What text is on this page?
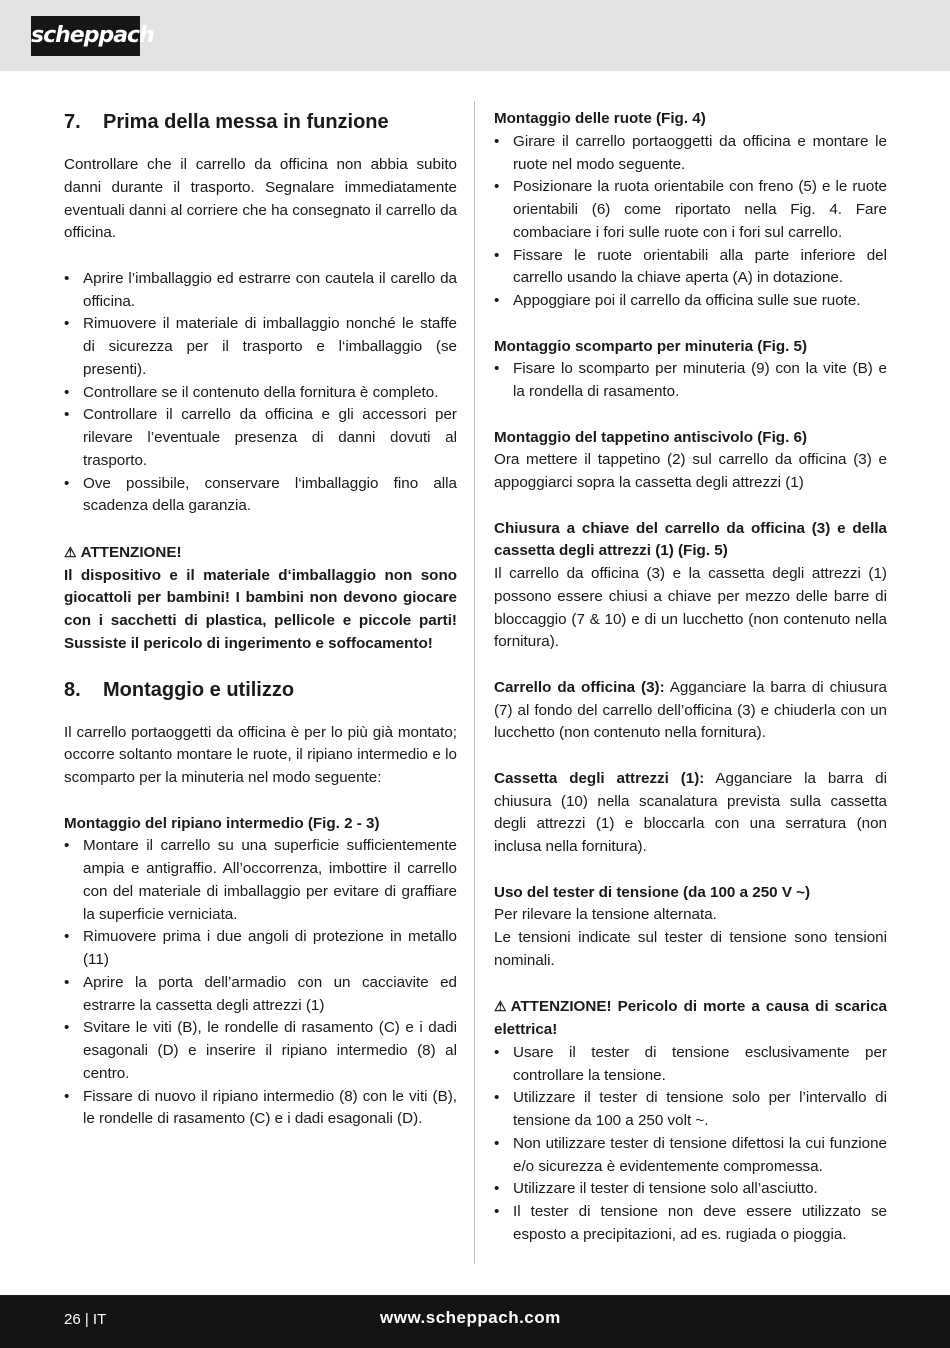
scheppach
7.	Prima della messa in funzione

Controllare che il carrello da officina non abbia subito danni durante il trasporto. Segnalare immediatamente eventuali danni al corriere che ha consegnato il carrello da officina.

• Aprire l’imballaggio ed estrarre con cautela il carello da officina.
• Rimuovere il materiale di imballaggio nonché le staffe di sicurezza per il trasporto e l‘imballaggio (se presenti).
• Controllare se il contenuto della fornitura è completo.
• Controllare il carrello da officina e gli accessori per rilevare l’eventuale presenza di danni dovuti al trasporto.
• Ove possibile, conservare l‘imballaggio fino alla scadenza della garanzia.

⚠ ATTENZIONE!

Il dispositivo e il materiale d‘imballaggio non sono giocattoli per bambini! I bambini non devono giocare con i sacchetti di plastica, pellicole e piccole parti! Sussiste il pericolo di ingerimento e soffocamento!

8.	Montaggio e utilizzo

Il carrello portaoggetti da officina è per lo più già montato; occorre soltanto montare le ruote, il ripiano intermedio e lo scomparto per la minuteria nel modo seguente:

Montaggio del ripiano intermedio (Fig. 2 - 3)

• Montare il carrello su una superficie sufficientemente ampia e antigraffio. All’occorrenza, imbottire il carrello con del materiale di imballaggio per evitare di graffiare la superficie verniciata.
• Rimuovere prima i due angoli di protezione in metallo (11)
• Aprire la porta dell’armadio con un cacciavite ed estrarre la cassetta degli attrezzi (1)
• Svitare le viti (B), le rondelle di rasamento (C) e i dadi esagonali (D) e inserire il ripiano intermedio (8) al centro.
• Fissare di nuovo il ripiano intermedio (8) con le viti (B), le rondelle di rasamento (C) e i dadi esagonali (D).

Montaggio delle ruote (Fig. 4)

• Girare il carrello portaoggetti da officina e montare le ruote nel modo seguente.
• Posizionare la ruota orientabile con freno (5) e le ruote orientabili (6) come riportato nella Fig. 4. Fare combaciare i fori sulle ruote con i fori sul carrello.
• Fissare le ruote orientabili alla parte inferiore del carrello usando la chiave aperta (A) in dotazione.
• Appoggiare poi il carrello da officina sulle sue ruote.

Montaggio scomparto per minuteria (Fig. 5)

• Fisare lo scomparto per minuteria (9) con la vite (B) e la rondella di rasamento.

Montaggio del tappetino antiscivolo (Fig. 6)

Ora mettere il tappetino (2) sul carrello da officina (3) e appoggiarci sopra la cassetta degli attrezzi (1)

Chiusura a chiave del carrello da officina (3) e della cassetta degli attrezzi (1) (Fig. 5)

Il carrello da officina (3) e la cassetta degli attrezzi (1) possono essere chiusi a chiave per mezzo delle barre di bloccaggio (7 & 10) e di un lucchetto (non contenuto nella fornitura).

Carrello da officina (3): Agganciare la barra di chiusura (7) al fondo del carrello dell’officina (3) e chiuderla con un lucchetto (non contenuto nella fornitura).

Cassetta degli attrezzi (1): Agganciare la barra di chiusura (10) nella scanalatura prevista sulla cassetta degli attrezzi (1) e bloccarla con una serratura (non inclusa nella fornitura).

Uso del tester di tensione (da 100 a 250 V ~)

Per rilevare la tensione alternata.

Le tensioni indicate sul tester di tensione sono tensioni nominali.

⚠ ATTENZIONE! Pericolo di morte a causa di scarica elettrica!

• Usare il tester di tensione esclusivamente per controllare la tensione.
• Utilizzare il tester di tensione solo per l’intervallo di tensione da 100 a 250 volt ~.
• Non utilizzare tester di tensione difettosi la cui funzione e/o sicurezza è evidentemente compromessa.
• Utilizzare il tester di tensione solo all’asciutto.
• Il tester di tensione non deve essere utilizzato se esposto a precipitazioni, ad es. rugiada o pioggia.
26 | IT	www.scheppach.com
